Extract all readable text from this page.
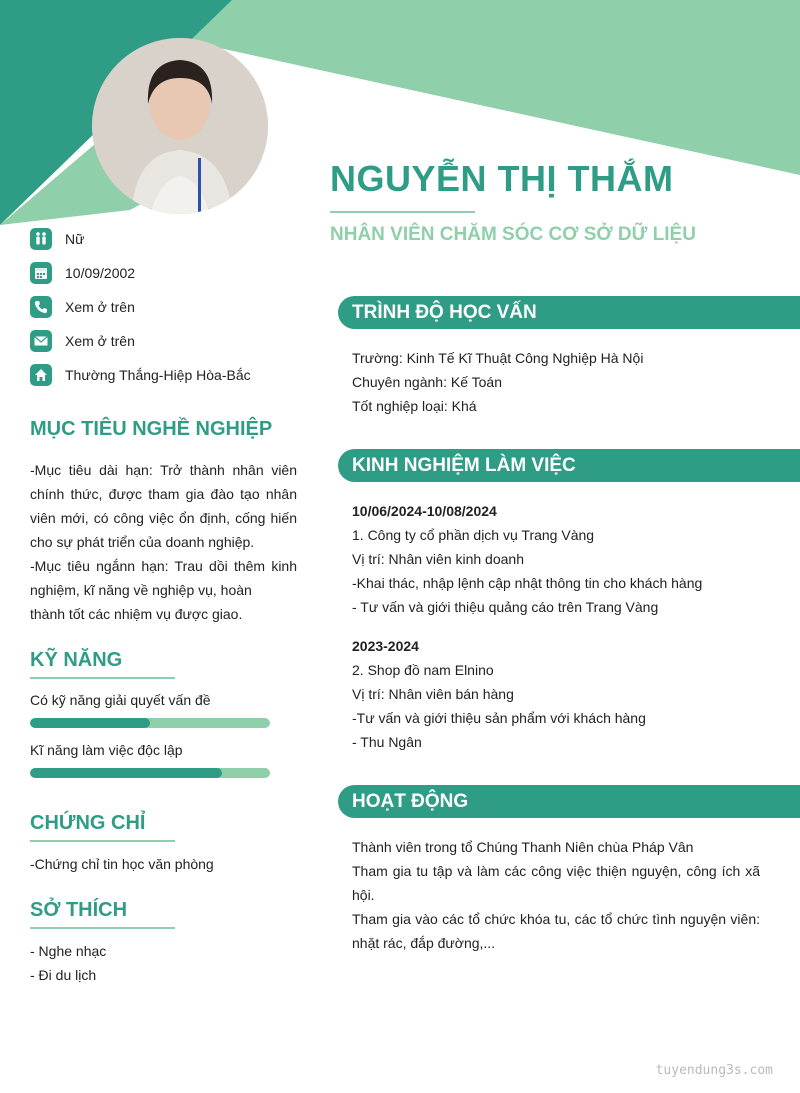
NGUYỄN THỊ THẮM
NHÂN VIÊN CHĂM SÓC CƠ SỞ DỮ LIỆU
Nữ
10/09/2002
Xem ở trên
Xem ở trên
Thường Thắng-Hiệp Hòa-Bắc
MỤC TIÊU NGHỀ NGHIỆP

-Mục tiêu dài hạn: Trở thành nhân viên chính thức, được tham gia đào tạo nhân viên mới, có công việc ổn định, cống hiến cho sự phát triển của doanh nghiệp.

-Mục tiêu ngắnn hạn: Trau dồi thêm kinh nghiệm, kĩ năng về nghiệp vụ, hoàn

thành tốt các nhiệm vụ được giao.

KỸ NĂNG
Có kỹ năng giải quyết vấn đề
Kĩ năng làm việc độc lập
CHỨNG CHỈ
-Chứng chỉ tin học văn phòng
SỞ THÍCH
- Nghe nhạc
- Đi du lịch
TRÌNH ĐỘ HỌC VẤN

Trường: Kinh Tế Kĩ Thuật Công Nghiệp Hà Nội

Chuyên ngành: Kế Toán

Tốt nghiệp loại: Khá

KINH NGHIỆM LÀM VIỆC

10/06/2024-10/08/2024

1. Công ty cổ phần dịch vụ Trang Vàng

Vị trí: Nhân viên kinh doanh

-Khai thác, nhập lệnh cập nhật thông tin cho khách hàng

- Tư vấn và giới thiệu quảng cáo trên Trang Vàng

2023-2024

2. Shop đồ nam Elnino

Vị trí: Nhân viên bán hàng

-Tư vấn và giới thiệu sản phẩm với khách hàng

- Thu Ngân

HOẠT ĐỘNG

Thành viên trong tổ Chúng Thanh Niên chùa Pháp Vân

Tham gia tu tập và làm các công việc thiện nguyện, công ích xã hội.

Tham gia vào các tổ chức khóa tu, các tổ chức tình nguyện viên: nhặt rác, đắp đường,...

tuyendung3s.com
